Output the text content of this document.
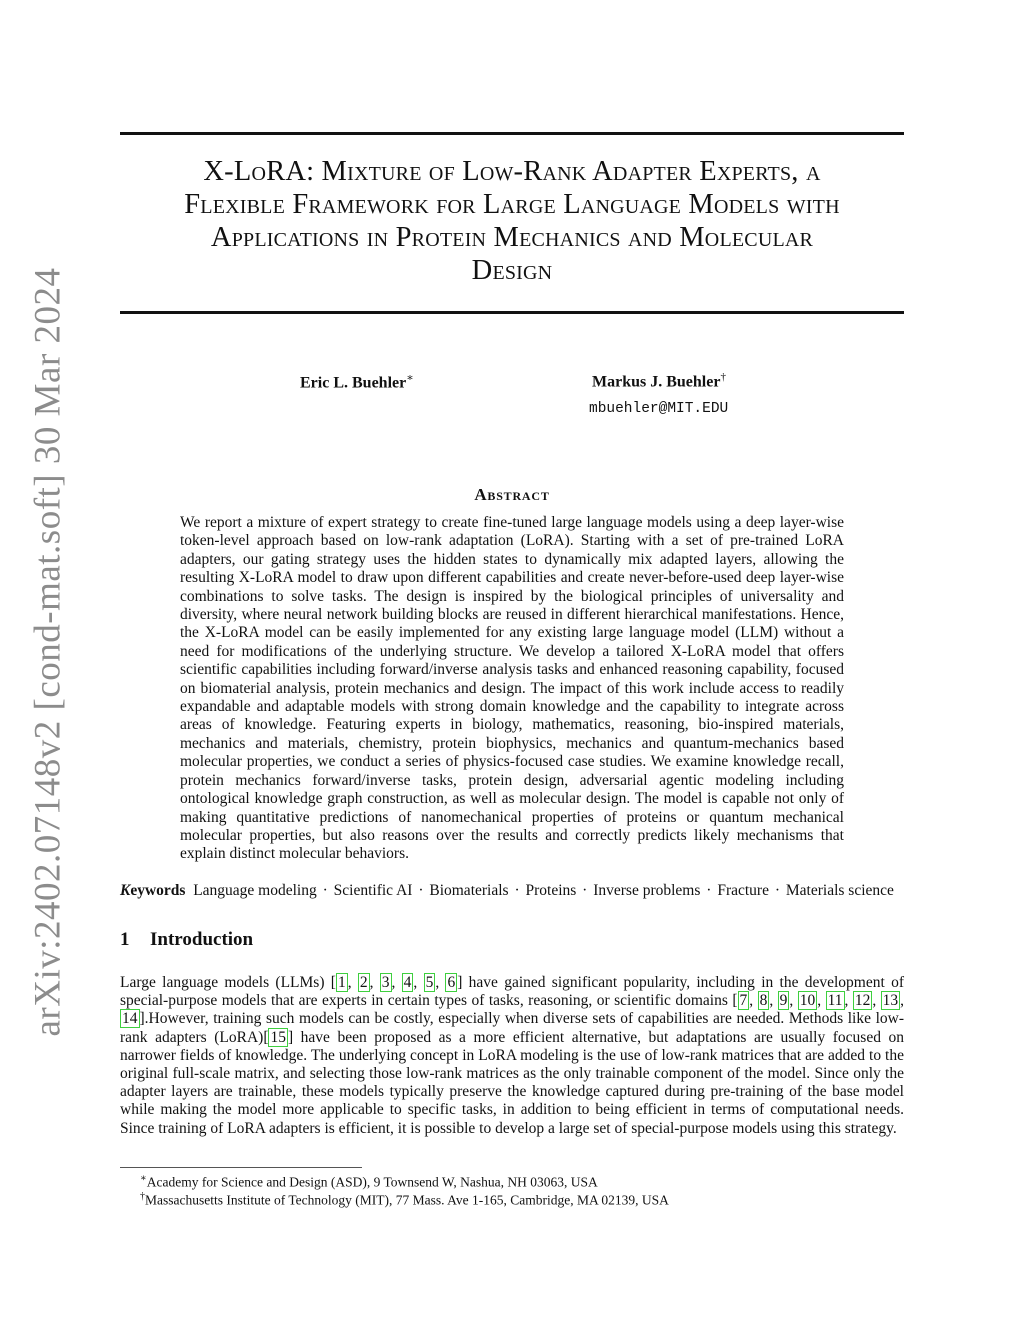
arXiv:2402.07148v2 [cond-mat.soft] 30 Mar 2024
X-LoRA: Mixture of Low-Rank Adapter Experts, a
Flexible Framework for Large Language Models with
Applications in Protein Mechanics and Molecular
Design
Eric L. Buehler∗	Markus J. Buehler†
mbuehler@MIT.EDU
Abstract
We report a mixture of expert strategy to create fine-tuned large language models using a deep layer-wise token-level approach based on low-rank adaptation (LoRA). Starting with a set of pre-trained LoRA adapters, our gating strategy uses the hidden states to dynamically mix adapted layers, allowing the resulting X-LoRA model to draw upon different capabilities and create never-before-used deep layer-wise combinations to solve tasks. The design is inspired by the biological principles of universality and diversity, where neural network building blocks are reused in different hierarchical manifestations. Hence, the X-LoRA model can be easily implemented for any existing large language model (LLM) without a need for modifications of the underlying structure. We develop a tailored X-LoRA model that offers scientific capabilities including forward/inverse analysis tasks and enhanced reasoning capability, focused on biomaterial analysis, protein mechanics and design. The impact of this work include access to readily expandable and adaptable models with strong domain knowledge and the capability to integrate across areas of knowledge. Featuring experts in biology, mathematics, reasoning, bio-inspired materials, mechanics and materials, chemistry, protein biophysics, mechanics and quantum-mechanics based molecular properties, we conduct a series of physics-focused case studies. We examine knowledge recall, protein mechanics forward/inverse tasks, protein design, adversarial agentic modeling including ontological knowledge graph construction, as well as molecular design. The model is capable not only of making quantitative predictions of nanomechanical properties of proteins or quantum mechanical molecular properties, but also reasons over the results and correctly predicts likely mechanisms that explain distinct molecular behaviors.
Keywords Language modeling · Scientific AI · Biomaterials · Proteins · Inverse problems · Fracture · Materials science
1 Introduction
Large language models (LLMs) [ 1 , 2 , 3 , 4 , 5 , 6 ] have gained significant popularity, including in the development of special-purpose models that are experts in certain types of tasks, reasoning, or scientific domains [ 7 , 8 , 9 , 10 , 11 , 12 , 13 , 14 ].However, training such models can be costly, especially when diverse sets of capabilities are needed. Methods like low-rank adapters (LoRA)[ 15 ] have been proposed as a more efficient alternative, but adaptations are usually focused on narrower fields of knowledge. The underlying concept in LoRA modeling is the use of low-rank matrices that are added to the original full-scale matrix, and selecting those low-rank matrices as the only trainable component of the model. Since only the adapter layers are trainable, these models typically preserve the knowledge captured during pre-training of the base model while making the model more applicable to specific tasks, in addition to being efficient in terms of computational needs. Since training of LoRA adapters is efficient, it is possible to develop a large set of special-purpose models using this strategy.
∗Academy for Science and Design (ASD), 9 Townsend W, Nashua, NH 03063, USA
†Massachusetts Institute of Technology (MIT), 77 Mass. Ave 1-165, Cambridge, MA 02139, USA
